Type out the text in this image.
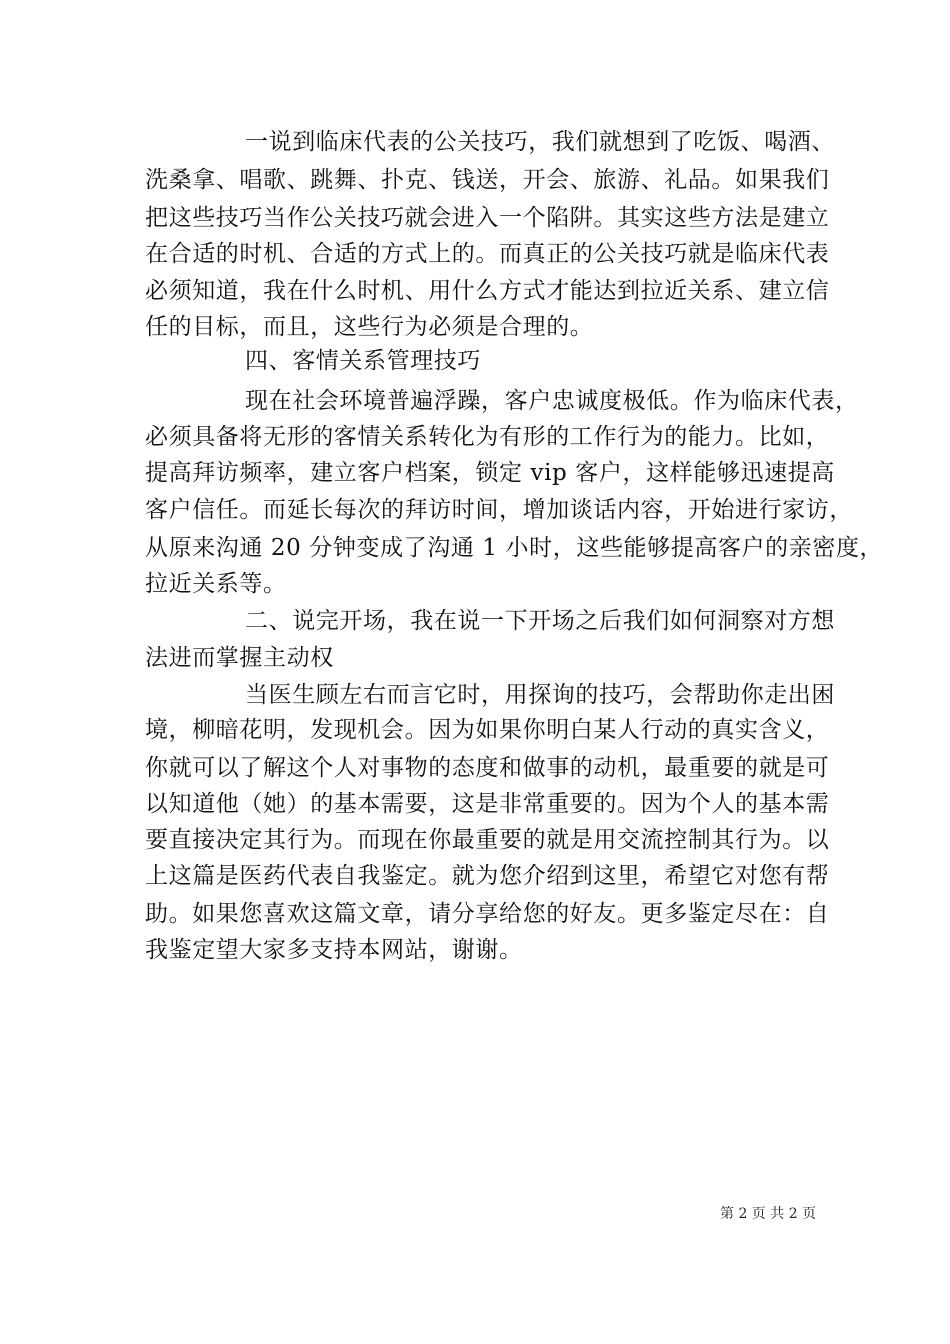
一说到临床代表的公关技巧，我们就想到了吃饭、喝酒、
洗桑拿、唱歌、跳舞、扑克、钱送，开会、旅游、礼品。如果我们
把这些技巧当作公关技巧就会进入一个陷阱。其实这些方法是建立
在合适的时机、合适的方式上的。而真正的公关技巧就是临床代表
必须知道，我在什么时机、用什么方式才能达到拉近关系、建立信
任的目标，而且，这些行为必须是合理的。
四、客情关系管理技巧
现在社会环境普遍浮躁，客户忠诚度极低。作为临床代表，
必须具备将无形的客情关系转化为有形的工作行为的能力。比如，
提高拜访频率，建立客户档案，锁定 vip 客户，这样能够迅速提高
客户信任。而延长每次的拜访时间，增加谈话内容，开始进行家访，
从原来沟通 20 分钟变成了沟通 1 小时，这些能够提高客户的亲密度，
拉近关系等。
二、说完开场，我在说一下开场之后我们如何洞察对方想
法进而掌握主动权
当医生顾左右而言它时，用探询的技巧，会帮助你走出困
境，柳暗花明，发现机会。因为如果你明白某人行动的真实含义，
你就可以了解这个人对事物的态度和做事的动机，最重要的就是可
以知道他（她）的基本需要，这是非常重要的。因为个人的基本需
要直接决定其行为。而现在你最重要的就是用交流控制其行为。以
上这篇是医药代表自我鉴定。就为您介绍到这里，希望它对您有帮
助。如果您喜欢这篇文章，请分享给您的好友。更多鉴定尽在：自
我鉴定望大家多支持本网站，谢谢。
第 2 页 共 2 页
